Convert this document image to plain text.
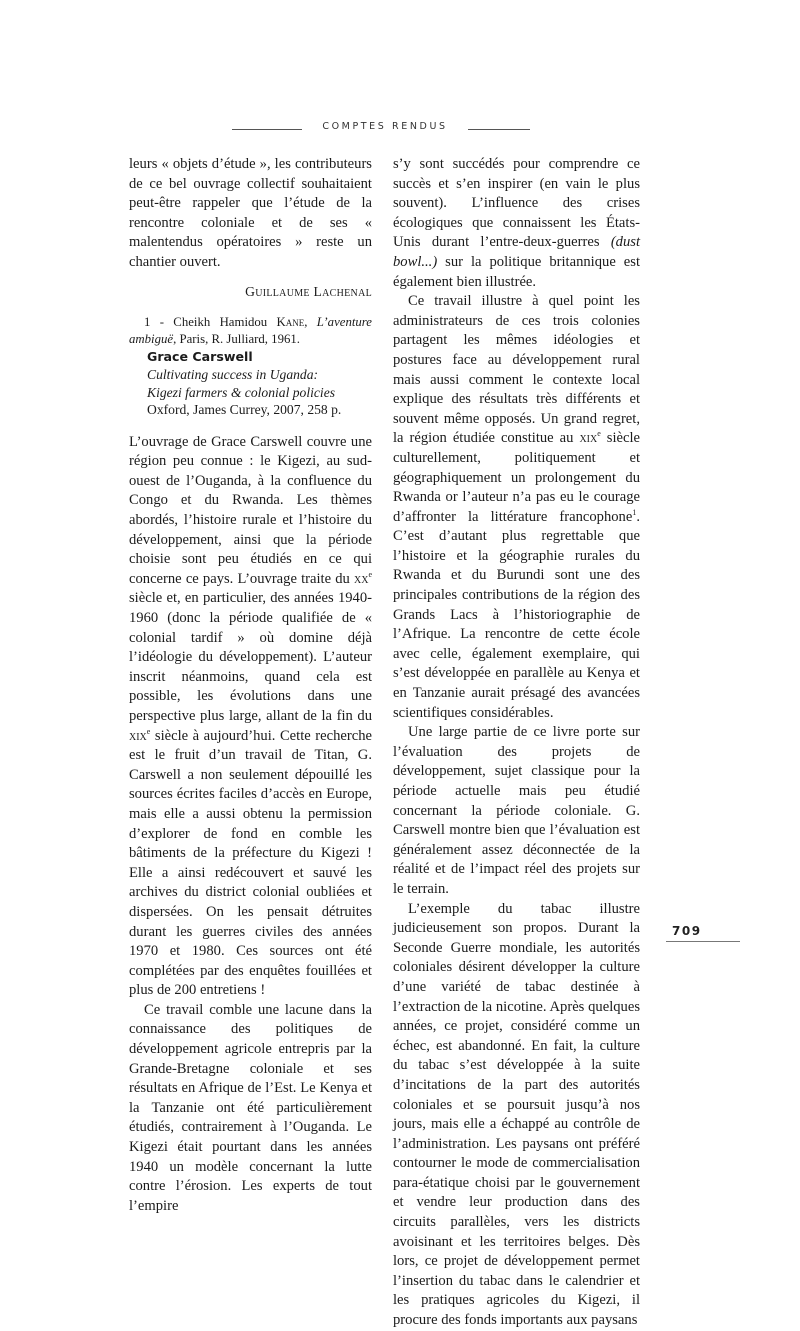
COMPTES RENDUS

leurs « objets d’étude », les contributeurs de ce bel ouvrage collectif souhaitaient peut-être rappeler que l’étude de la rencontre coloniale et de ses « malentendus opératoires » reste un chantier ouvert.

Guillaume Lachenal

1 - Cheikh Hamidou Kane, L’aventure ambiguë, Paris, R. Julliard, 1961.

Grace Carswell
Cultivating success in Uganda:
Kigezi farmers & colonial policies
Oxford, James Currey, 2007, 258 p.

L’ouvrage de Grace Carswell couvre une région peu connue : le Kigezi, au sud-ouest de l’Ouganda, à la confluence du Congo et du Rwanda. Les thèmes abordés, l’histoire rurale et l’histoire du développement, ainsi que la période choisie sont peu étudiés en ce qui concerne ce pays. L’ouvrage traite du $xx^e$ siècle et, en particulier, des années 1940-1960 (donc la période qualifiée de « colonial tardif » où domine déjà l’idéologie du développement). L’auteur inscrit néanmoins, quand cela est possible, les évolutions dans une perspective plus large, allant de la fin du xix$^e$ siècle à aujourd’hui. Cette recherche est le fruit d’un travail de Titan, G. Carswell a non seulement dépouillé les sources écrites faciles d’accès en Europe, mais elle a aussi obtenu la permission d’explorer de fond en comble les bâtiments de la préfecture du Kigezi ! Elle a ainsi redécouvert et sauvé les archives du district colonial oubliées et dispersées. On les pensait détruites durant les guerres civiles des années 1970 et 1980. Ces sources ont été complétées par des enquêtes fouillées et plus de 200 entretiens !

Ce travail comble une lacune dans la connaissance des politiques de développement agricole entrepris par la Grande-Bretagne coloniale et ses résultats en Afrique de l’Est. Le Kenya et la Tanzanie ont été particulièrement étudiés, contrairement à l’Ouganda. Le Kigezi était pourtant dans les années 1940 un modèle concernant la lutte contre l’érosion. Les experts de tout l’empire

s’y sont succédés pour comprendre ce succès et s’en inspirer (en vain le plus souvent). L’influence des crises écologiques que connaissent les États-Unis durant l’entre-deux-guerres (dust bowl...) sur la politique britannique est également bien illustrée.

Ce travail illustre à quel point les administrateurs de ces trois colonies partagent les mêmes idéologies et postures face au développement rural mais aussi comment le contexte local explique des résultats très différents et souvent même opposés. Un grand regret, la région étudiée constitue au xix$^e$ siècle culturellement, politiquement et géographiquement un prolongement du Rwanda or l’auteur n’a pas eu le courage d’affronter la littérature francophone$^1$. C’est d’autant plus regrettable que l’histoire et la géographie rurales du Rwanda et du Burundi sont une des principales contributions de la région des Grands Lacs à l’historiographie de l’Afrique. La rencontre de cette école avec celle, également exemplaire, qui s’est développée en parallèle au Kenya et en Tanzanie aurait présagé des avancées scientifiques considérables.

Une large partie de ce livre porte sur l’évaluation des projets de développement, sujet classique pour la période actuelle mais peu étudié concernant la période coloniale. G. Carswell montre bien que l’évaluation est généralement assez déconnectée de la réalité et de l’impact réel des projets sur le terrain.

L’exemple du tabac illustre judicieusement son propos. Durant la Seconde Guerre mondiale, les autorités coloniales désirent développer la culture d’une variété de tabac destinée à l’extraction de la nicotine. Après quelques années, ce projet, considéré comme un échec, est abandonné. En fait, la culture du tabac s’est développée à la suite d’incitations de la part des autorités coloniales et se poursuit jusqu’à nos jours, mais elle a échappé au contrôle de l’administration. Les paysans ont préféré contourner le mode de commercialisation para-étatique choisi par le gouvernement et vendre leur production dans des circuits parallèles, vers les districts avoisinant et les territoires belges. Dès lors, ce projet de développement permet l’insertion du tabac dans le calendrier et les pratiques agricoles du Kigezi, il procure des fonds importants aux paysans

709
